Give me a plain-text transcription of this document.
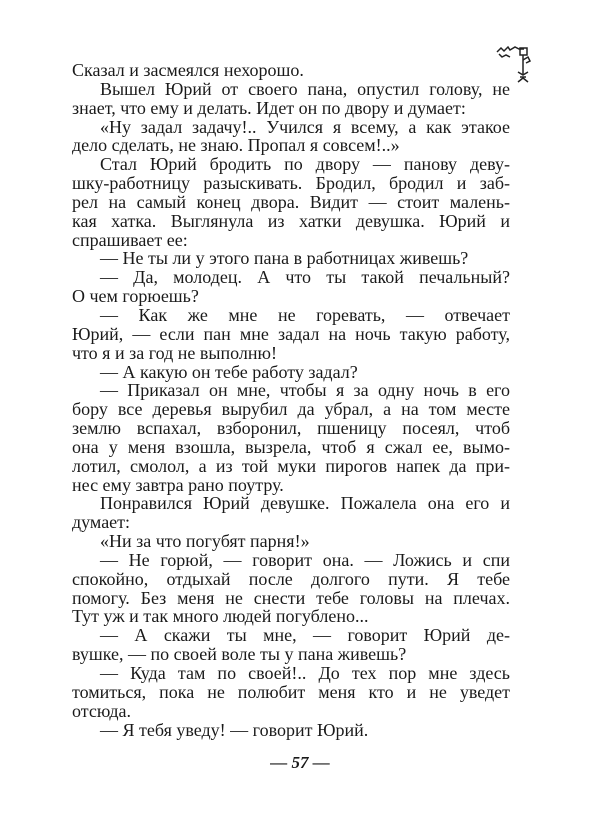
Сказал и засмеялся нехорошо.
Вышел Юрий от своего пана, опустил голову, не
знает, что ему и делать. Идет он по двору и думает:
«Ну задал задачу!.. Учился я всему, а как этакое
дело сделать, не знаю. Пропал я совсем!..»
Стал Юрий бродить по двору — панову деву-
шку-работницу разыскивать. Бродил, бродил и заб-
рел на самый конец двора. Видит — стоит малень-
кая хатка. Выглянула из хатки девушка. Юрий и
спрашивает ее:
— Не ты ли у этого пана в работницах живешь?
— Да, молодец. А что ты такой печальный?
О чем горюешь?
— Как же мне не горевать, — отвечает
Юрий, — если пан мне задал на ночь такую работу,
что я и за год не выполню!
— А какую он тебе работу задал?
— Приказал он мне, чтобы я за одну ночь в его
бору все деревья вырубил да убрал, а на том месте
землю вспахал, взборонил, пшеницу посеял, чтоб
она у меня взошла, вызрела, чтоб я сжал ее, вымо-
лотил, смолол, а из той муки пирогов напек да при-
нес ему завтра рано поутру.
Понравился Юрий девушке. Пожалела она его и
думает:
«Ни за что погубят парня!»
— Не горюй, — говорит она. — Ложись и спи
спокойно, отдыхай после долгого пути. Я тебе
помогу. Без меня не снести тебе головы на плечах.
Тут уж и так много людей погублено...
— А скажи ты мне, — говорит Юрий де-
вушке, — по своей воле ты у пана живешь?
— Куда там по своей!.. До тех пор мне здесь
томиться, пока не полюбит меня кто и не уведет
отсюда.
— Я тебя уведу! — говорит Юрий.
— 57 —
